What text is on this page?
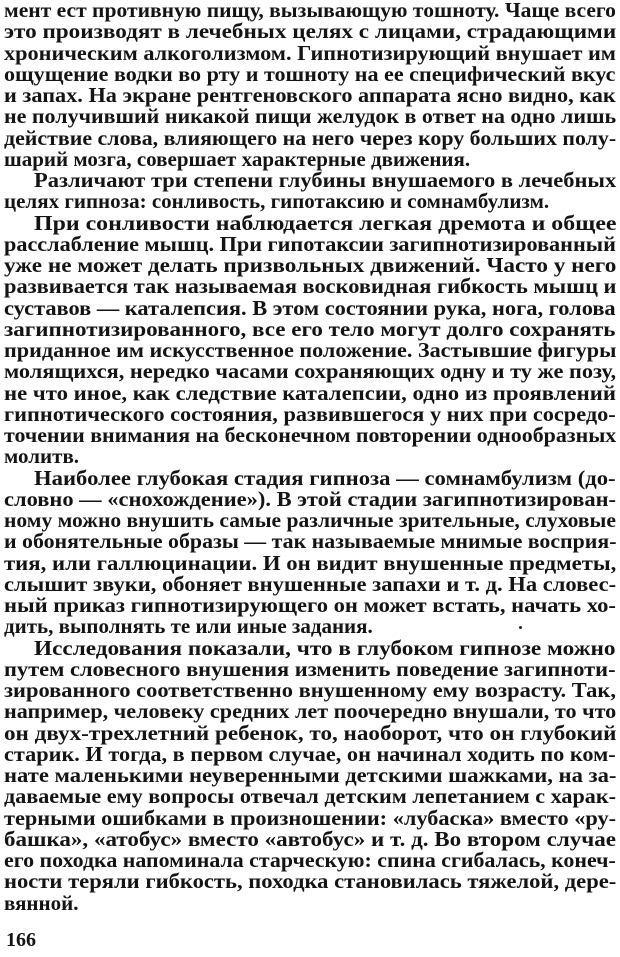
мент ест противную пищу, вызывающую тошноту. Чаще всего
это производят в лечебных целях с лицами, страдающими
хроническим алкоголизмом. Гипнотизирующий внушает им
ощущение водки во рту и тошноту на ее специфический вкус
и запах. На экране рентгеновского аппарата ясно видно, как
не получивший никакой пищи желудок в ответ на одно лишь
действие слова, влияющего на него через кору больших полу-
шарий мозга, совершает характерные движения.
Различают три степени глубины внушаемого в лечебных
целях гипноза: сонливость, гипотаксию и сомнамбулизм.
При сонливости наблюдается легкая дремота и общее
расслабление мышц. При гипотаксии загипнотизированный
уже не может делать призвольных движений. Часто у него
развивается так называемая восковидная гибкость мышц и
суставов — каталепсия. В этом состоянии рука, нога, голова
загипнотизированного, все его тело могут долго сохранять
приданное им искусственное положение. Застывшие фигуры
молящихся, нередко часами сохраняющих одну и ту же позу,
не что иное, как следствие каталепсии, одно из проявлений
гипнотического состояния, развившегося у них при сосредо-
точении внимания на бесконечном повторении однообразных
молитв.
Наиболее глубокая стадия гипноза — сомнамбулизм (до-
словно — «снохождение»). В этой стадии загипнотизирован-
ному можно внушить самые различные зрительные, слуховые
и обонятельные образы — так называемые мнимые восприя-
тия, или галлюцинации. И он видит внушенные предметы,
слышит звуки, обоняет внушенные запахи и т. д. На словес-
ный приказ гипнотизирующего он может встать, начать хо-
дить, выполнять те или иные задания.
Исследования показали, что в глубоком гипнозе можно
путем словесного внушения изменить поведение загипноти-
зированного соответственно внушенному ему возрасту. Так,
например, человеку средних лет поочередно внушали, то что
он двух-трехлетний ребенок, то, наоборот, что он глубокий
старик. И тогда, в первом случае, он начинал ходить по ком-
нате маленькими неуверенными детскими шажками, на за-
даваемые ему вопросы отвечал детским лепетанием с харак-
терными ошибками в произношении: «лубаска» вместо «ру-
башка», «атобус» вместо «автобус» и т. д. Во втором случае
его походка напоминала старческую: спина сгибалась, конеч-
ности теряли гибкость, походка становилась тяжелой, дере-
вянной.
166
